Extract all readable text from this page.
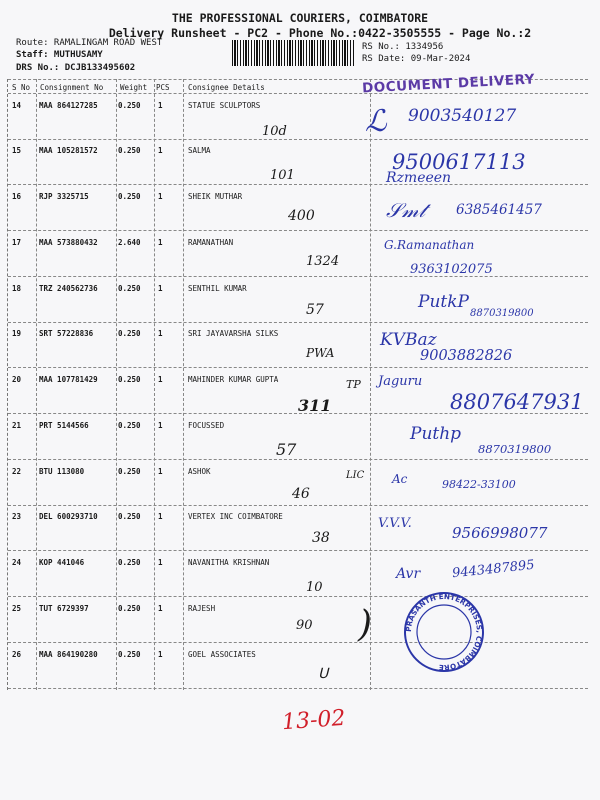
THE PROFESSIONAL COURIERS, COIMBATORE
Delivery Runsheet - PC2 - Phone No.:0422-3505555 - Page No.:2
Route: RAMALINGAM ROAD WEST
Staff: MUTHUSAMY
DRS No.: DCJB133495602
RS No.: 1334956
RS Date: 09-Mar-2024
S No Consignment No Weight PCS Consignee Details
14 MAA 864127285	0.250 1	STATUE SCULPTORS
15 MAA 105281572	0.250 1	SALMA
16 RJP 3325715	0.250 1	SHEIK MUTHAR
17 MAA 573880432	2.640 1	RAMANATHAN
18 TRZ 240562736	0.250 1	SENTHIL KUMAR
19 SRT 57228836	0.250 1	SRI JAYAVARSHA SILKS
20 MAA 107781429	0.250 1	MAHINDER KUMAR GUPTA
21 PRT 5144566	0.250 1	FOCUSSED
22 BTU 113080	0.250 1	ASHOK
23 DEL 600293710	0.250 1	VERTEX INC COIMBATORE
24 KOP 441046	0.250 1	NAVANITHA KRISHNAN
25 TUT 6729397	0.250 1	RAJESH
26 MAA 864190280	0.250 1	GOEL ASSOCIATES
DOCUMENT DELIVERY
ℒ 9003540127
10d
9500617113
Rzmeeen
101
𝒮𝓂𝓉 6385461457
400
G.Ramanathan
9363102075
1324
PutkP
8870319800
57
KVBaz
9003882826
PWA
Jaguru
8807647931
311
TP
Puthp
8870319800
57
Ac	98422-33100
46
LIC
V.V.V.
9566998077
38
Avr 9443487895
10
90 )
ᑌ
PRASANTH ENTERPRISES, COIMBATORE
13-02
